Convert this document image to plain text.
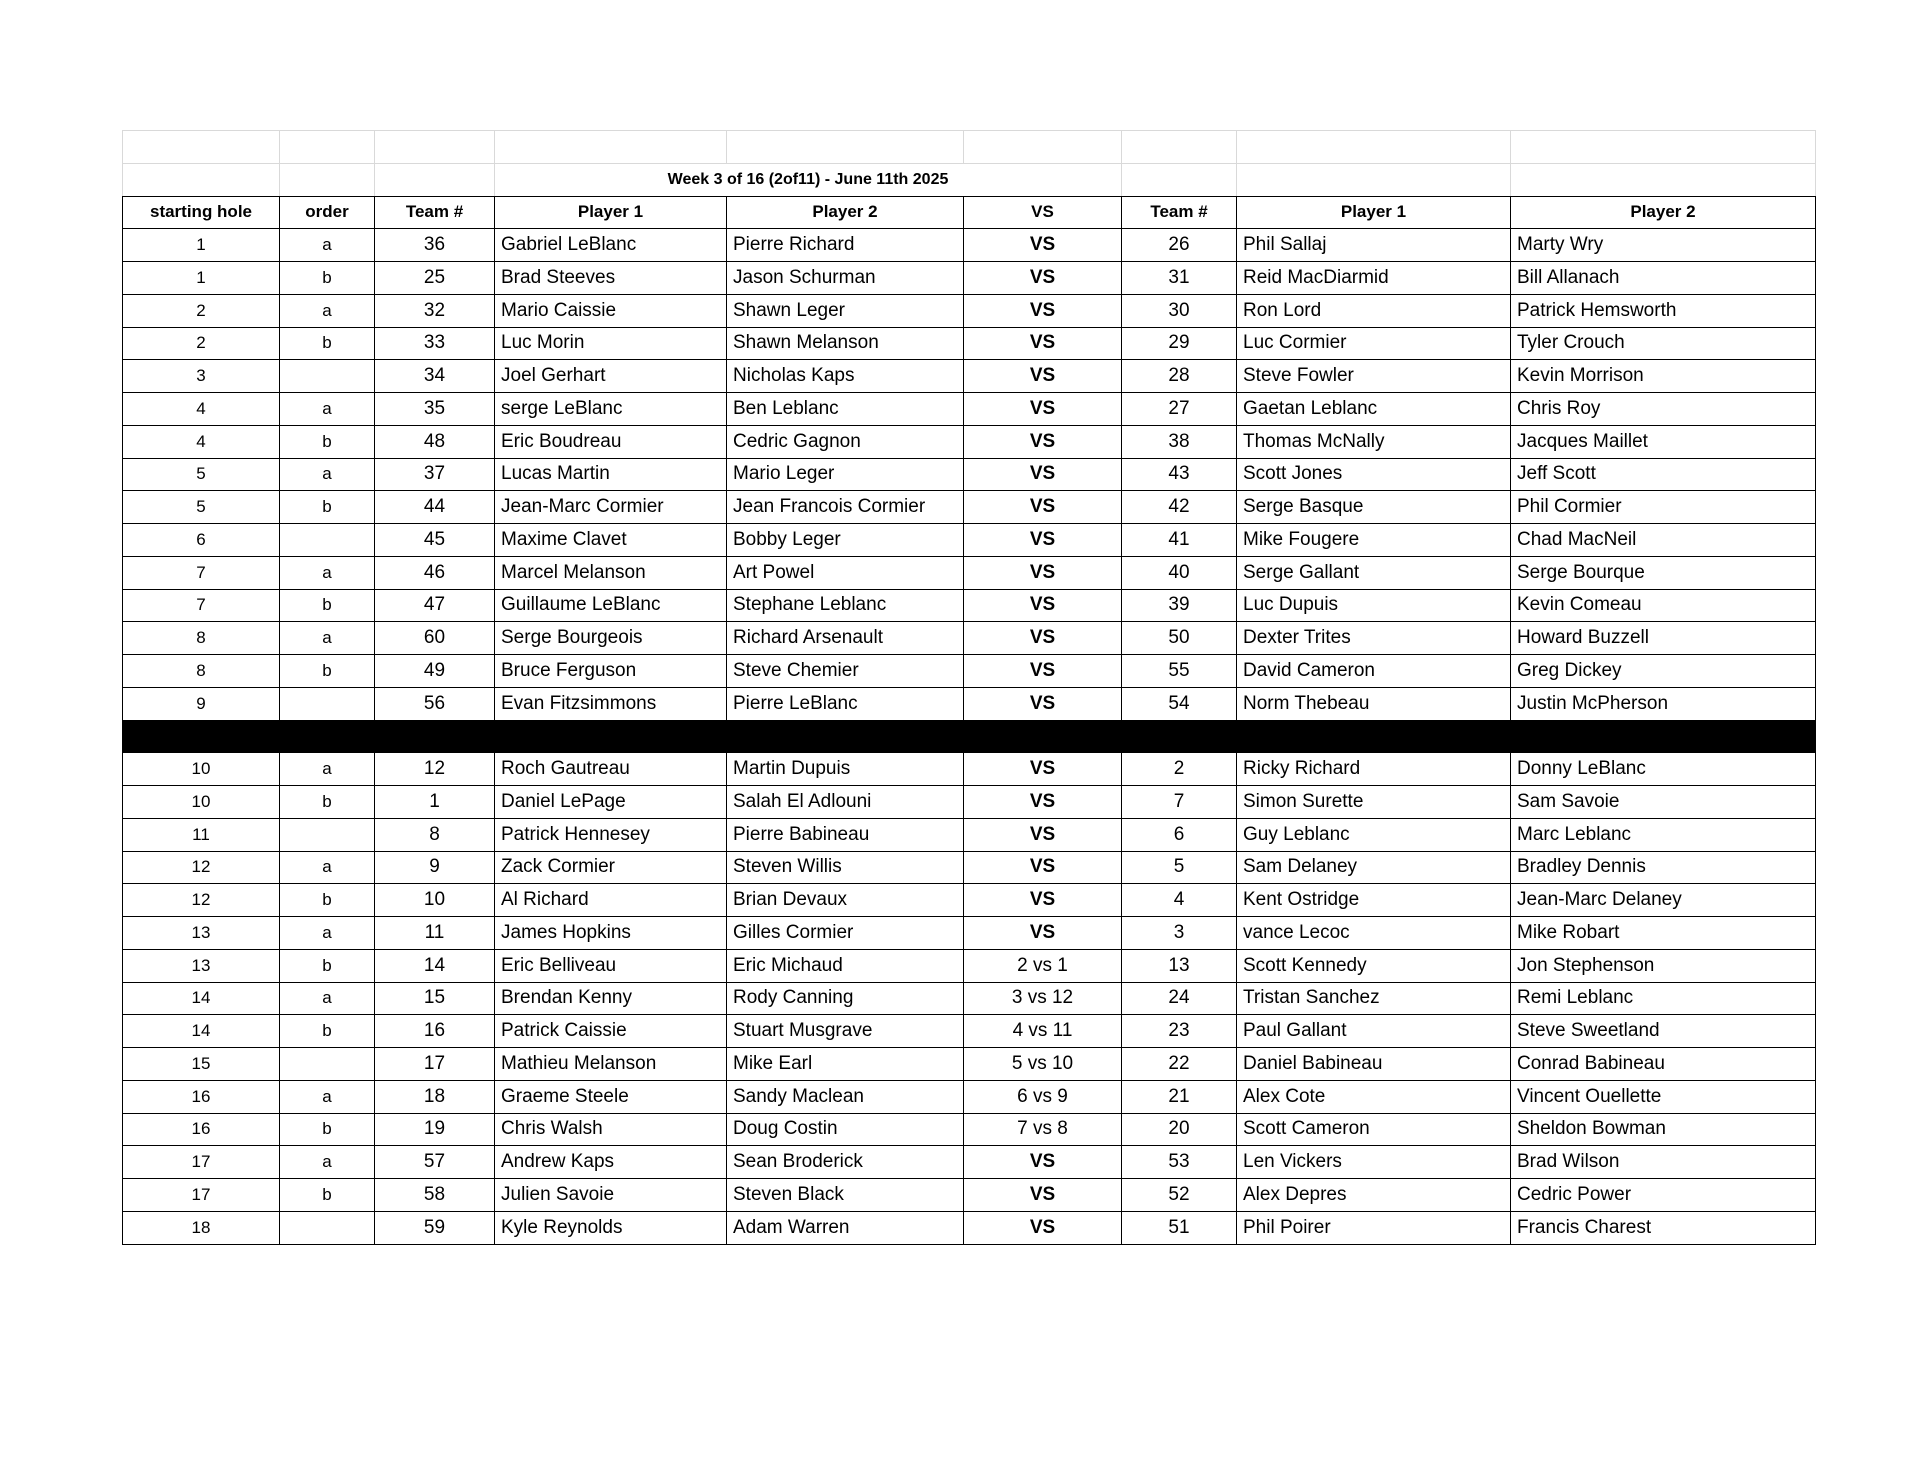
			Week 3 of 16 (2of11) - June 11th 2025					
starting hole	order	Team #	Player 1	Player 2	VS	Team #	Player 1	Player 2
1	a	36	Gabriel LeBlanc	Pierre Richard	VS	26	Phil Sallaj	Marty Wry
1	b	25	Brad Steeves	Jason Schurman	VS	31	Reid MacDiarmid	Bill Allanach
2	a	32	Mario Caissie	Shawn Leger	VS	30	Ron Lord	Patrick Hemsworth
2	b	33	Luc Morin	Shawn Melanson	VS	29	Luc Cormier	Tyler Crouch
3		34	Joel Gerhart	Nicholas Kaps	VS	28	Steve Fowler	Kevin Morrison
4	a	35	serge LeBlanc	Ben Leblanc	VS	27	Gaetan Leblanc	Chris Roy
4	b	48	Eric Boudreau	Cedric Gagnon	VS	38	Thomas McNally	Jacques Maillet
5	a	37	Lucas Martin	Mario Leger	VS	43	Scott Jones	Jeff Scott
5	b	44	Jean-Marc Cormier	Jean Francois Cormier	VS	42	Serge Basque	Phil Cormier
6		45	Maxime Clavet	Bobby Leger	VS	41	Mike Fougere	Chad MacNeil
7	a	46	Marcel Melanson	Art Powel	VS	40	Serge Gallant	Serge Bourque
7	b	47	Guillaume LeBlanc	Stephane Leblanc	VS	39	Luc Dupuis	Kevin Comeau
8	a	60	Serge Bourgeois	Richard Arsenault	VS	50	Dexter Trites	Howard Buzzell
8	b	49	Bruce Ferguson	Steve Chemier	VS	55	David Cameron	Greg Dickey
9		56	Evan Fitzsimmons	Pierre LeBlanc	VS	54	Norm Thebeau	Justin McPherson

10	a	12	Roch Gautreau	Martin Dupuis	VS	2	Ricky Richard	Donny LeBlanc
10	b	1	Daniel LePage	Salah El Adlouni	VS	7	Simon Surette	Sam Savoie
11		8	Patrick Hennesey	Pierre Babineau	VS	6	Guy Leblanc	Marc Leblanc
12	a	9	Zack Cormier	Steven Willis	VS	5	Sam Delaney	Bradley Dennis
12	b	10	Al Richard	Brian Devaux	VS	4	Kent Ostridge	Jean-Marc Delaney
13	a	11	James Hopkins	Gilles Cormier	VS	3	vance Lecoc	Mike Robart
13	b	14	Eric Belliveau	Eric Michaud	2 vs 1	13	Scott Kennedy	Jon Stephenson
14	a	15	Brendan Kenny	Rody Canning	3 vs 12	24	Tristan Sanchez	Remi Leblanc
14	b	16	Patrick Caissie	Stuart Musgrave	4 vs 11	23	Paul Gallant	Steve Sweetland
15		17	Mathieu Melanson	Mike Earl	5 vs 10	22	Daniel Babineau	Conrad Babineau
16	a	18	Graeme Steele	Sandy Maclean	6 vs 9	21	Alex Cote	Vincent Ouellette
16	b	19	Chris Walsh	Doug Costin	7 vs 8	20	Scott Cameron	Sheldon Bowman
17	a	57	Andrew Kaps	Sean Broderick	VS	53	Len Vickers	Brad Wilson
17	b	58	Julien Savoie	Steven Black	VS	52	Alex Depres	Cedric Power
18		59	Kyle Reynolds	Adam Warren	VS	51	Phil Poirer	Francis Charest
